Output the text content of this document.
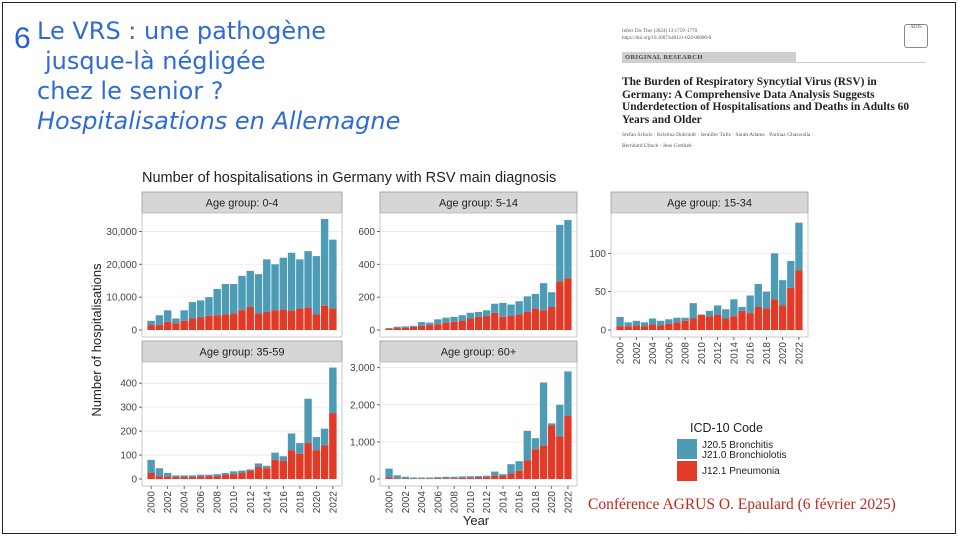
6 Le VRS : une pathogène
jusque-là négligée
chez le senior ?
Hospitalisations en Allemagne
Infect Dis Ther (2024) 13:1759–1770
https://doi.org/10.1007/s40121-024-00000-0
ADIS
ORIGINAL RESEARCH
The Burden of Respiratory Syncytial Virus (RSV) in Germany: A Comprehensive Data Analysis Suggests Underdetection of Hospitalisations and Deaths in Adults 60 Years and Older
Stefan Scholz · Kristina Dobrindt · Jennifer Tufts · Sarah Adams · Parinaz Ghaswalla ·
Bernhard Ultsch · Jens Gottlieb
Number of hospitalisations in Germany with RSV main diagnosis
Age group: 0-4
0
10,000
20,000
30,000
Age group: 5-14
0
200
400
600
Age group: 15-34
0
50
100
2000 2002 2004 2006 2008 2010 2012 2014 2016 2018 2020 2022
Age group: 35-59
0
100
200
300
400
2000 2002 2004 2006 2008 2010 2012 2014 2016 2018 2020 2022
Age group: 60+
0
1,000
2,000
3,000
2000 2002 2004 2006 2008 2010 2012 2014 2016 2018 2020 2022
Number of hospitalisations
Year
ICD-10 Code
J20.5 Bronchitis
J21.0 Bronchiolotis
J12.1 Pneumonia
Conférence AGRUS O. Epaulard (6 février 2025)
